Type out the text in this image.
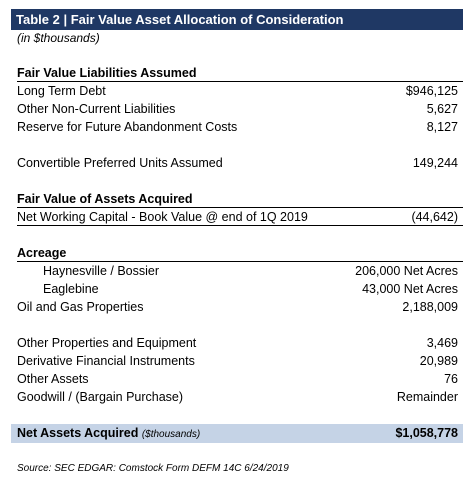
Table 2 | Fair Value Asset Allocation of Consideration
(in $thousands)
Fair Value Liabilities Assumed
Long Term Debt	$946,125
Other Non-Current Liabilities	5,627
Reserve for Future Abandonment Costs	8,127
Convertible Preferred Units Assumed	149,244
Fair Value of Assets Acquired
Net Working Capital - Book Value @ end of 1Q 2019	(44,642)
Acreage
Haynesville / Bossier	206,000 Net Acres
Eaglebine	43,000 Net Acres
Oil and Gas Properties	2,188,009
Other Properties and Equipment	3,469
Derivative Financial Instruments	20,989
Other Assets	76
Goodwill / (Bargain Purchase)	Remainder
Net Assets Acquired ($thousands)	$1,058,778
Source: SEC EDGAR: Comstock Form DEFM 14C 6/24/2019
